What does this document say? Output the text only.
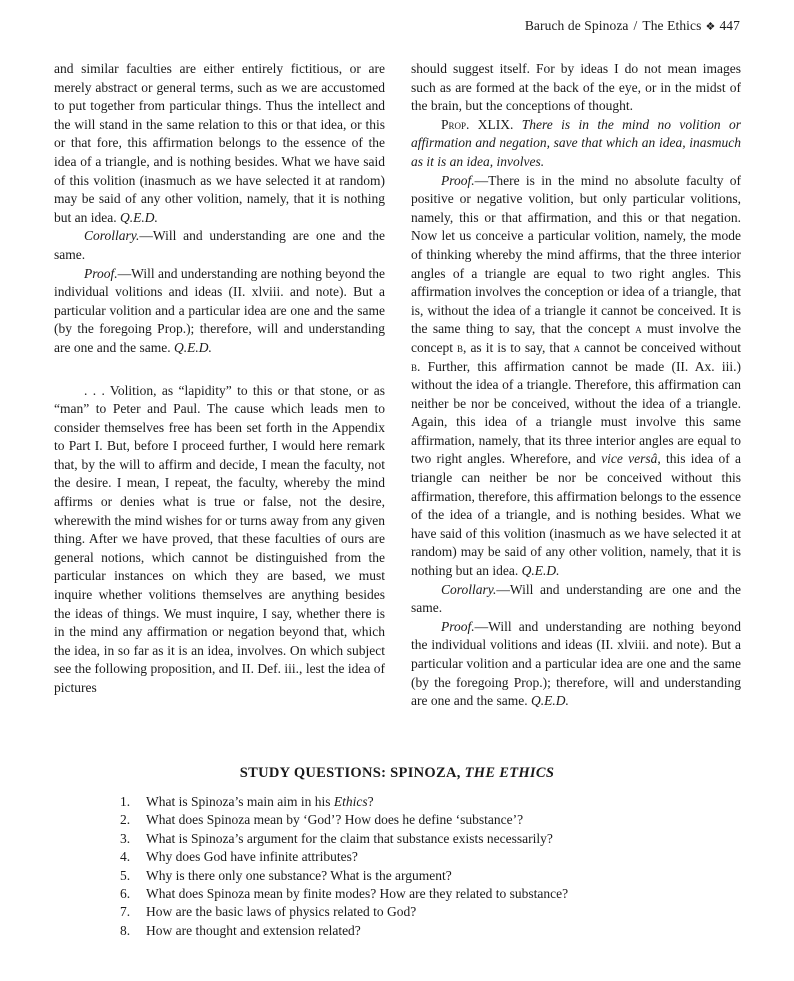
Baruch de Spinoza / The Ethics ❖ 447

and similar faculties are either entirely fictitious, or are merely abstract or general terms, such as we are accustomed to put together from particular things. Thus the intellect and the will stand in the same relation to this or that idea, or this or that fore, this affirmation belongs to the essence of the idea of a triangle, and is nothing besides. What we have said of this volition (inasmuch as we have selected it at random) may be said of any other volition, namely, that it is nothing but an idea. Q.E.D.

Corollary.—Will and understanding are one and the same.

Proof.—Will and understanding are nothing beyond the individual volitions and ideas (II. xlviii. and note). But a particular volition and a particular idea are one and the same (by the foregoing Prop.); therefore, will and understanding are one and the same. Q.E.D.

. . . Volition, as “lapidity” to this or that stone, or as “man” to Peter and Paul. The cause which leads men to consider themselves free has been set forth in the Appendix to Part I. But, before I proceed further, I would here remark that, by the will to affirm and decide, I mean the faculty, not the desire. I mean, I repeat, the faculty, whereby the mind affirms or denies what is true or false, not the desire, wherewith the mind wishes for or turns away from any given thing. After we have proved, that these faculties of ours are general notions, which cannot be distinguished from the particular instances on which they are based, we must inquire whether volitions themselves are anything besides the ideas of things. We must inquire, I say, whether there is in the mind any affirmation or negation beyond that, which the idea, in so far as it is an idea, involves. On which subject see the following proposition, and II. Def. iii., lest the idea of pictures

should suggest itself. For by ideas I do not mean images such as are formed at the back of the eye, or in the midst of the brain, but the conceptions of thought.

Prop. XLIX. There is in the mind no volition or affirmation and negation, save that which an idea, inasmuch as it is an idea, involves.

Proof.—There is in the mind no absolute faculty of positive or negative volition, but only particular volitions, namely, this or that affirmation, and this or that negation. Now let us conceive a particular volition, namely, the mode of thinking whereby the mind affirms, that the three interior angles of a triangle are equal to two right angles. This affirmation involves the conception or idea of a triangle, that is, without the idea of a triangle it cannot be conceived. It is the same thing to say, that the concept a must involve the concept b, as it is to say, that a cannot be conceived without b. Further, this affirmation cannot be made (II. Ax. iii.) without the idea of a triangle. Therefore, this affirmation can neither be nor be conceived, without the idea of a triangle. Again, this idea of a triangle must involve this same affirmation, namely, that its three interior angles are equal to two right angles. Wherefore, and vice versâ, this idea of a triangle can neither be nor be conceived without this affirmation, therefore, this affirmation belongs to the essence of the idea of a triangle, and is nothing besides. What we have said of this volition (inasmuch as we have selected it at random) may be said of any other volition, namely, that it is nothing but an idea. Q.E.D.

Corollary.—Will and understanding are one and the same.

Proof.—Will and understanding are nothing beyond the individual volitions and ideas (II. xlviii. and note). But a particular volition and a particular idea are one and the same (by the foregoing Prop.); therefore, will and understanding are one and the same. Q.E.D.

STUDY QUESTIONS: SPINOZA, THE ETHICS
1.	What is Spinoza’s main aim in his Ethics?
2.	What does Spinoza mean by ‘God’? How does he define ‘substance’?
3.	What is Spinoza’s argument for the claim that substance exists necessarily?
4.	Why does God have infinite attributes?
5.	Why is there only one substance? What is the argument?
6.	What does Spinoza mean by finite modes? How are they related to substance?
7.	How are the basic laws of physics related to God?
8.	How are thought and extension related?
